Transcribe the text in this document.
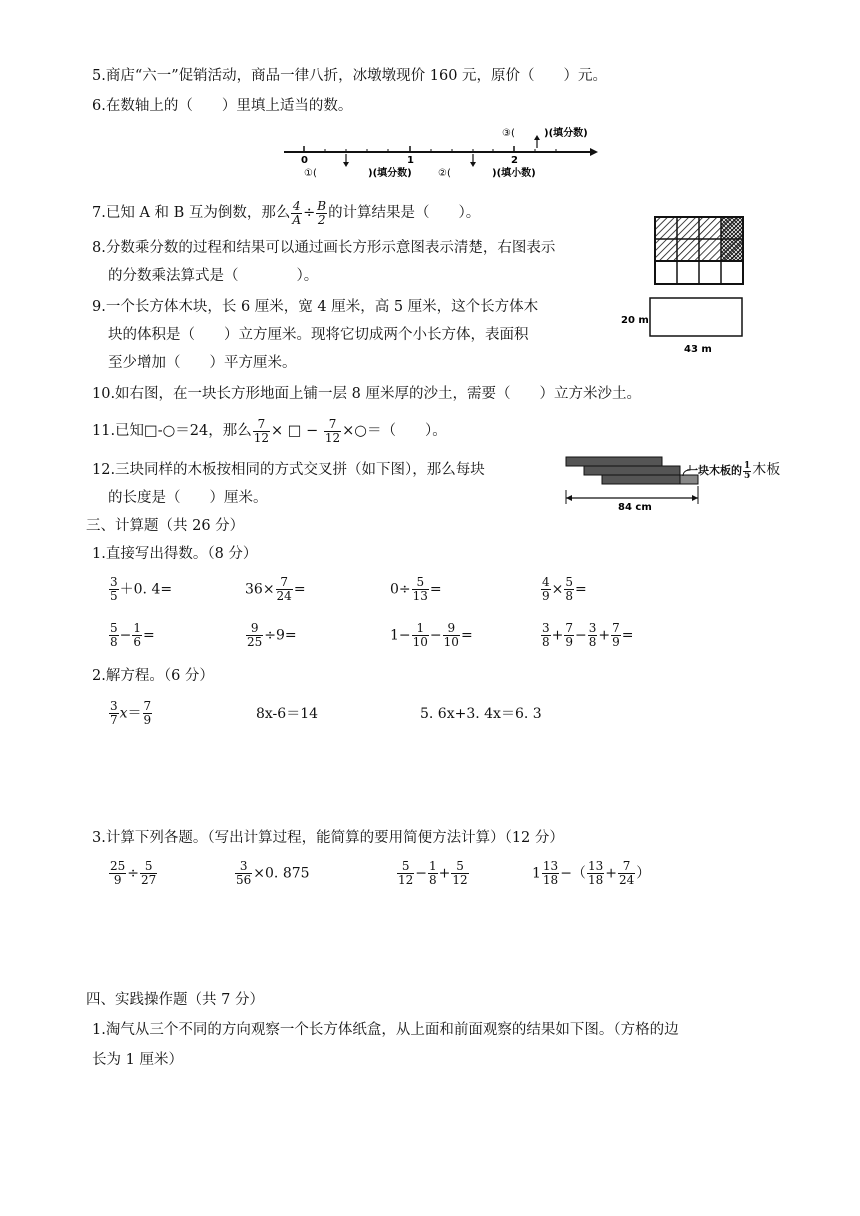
5.商店“六一”促销活动，商品一律八折，冰墩墩现价 160 元，原价（　　）元。
6.在数轴上的（　　）里填上适当的数。
0	1	2
①(	)(填分数)	②(	)(填小数)
③(	)(填分数)
7.已知 A 和 B 互为倒数，那么 $\frac{4}{A} \div \frac{B}{2}$ 的计算结果是（　　）。
8.分数乘分数的过程和结果可以通过画长方形示意图表示清楚，右图表示
的分数乘法算式是（　　　　）。
9.一个长方体木块，长 6 厘米，宽 4 厘米，高 5 厘米，这个长方体木
块的体积是（　　）立方厘米。现将它切成两个小长方体，表面积
至少增加（　　）平方厘米。
20 m
43 m
10.如右图，在一块长方形地面上铺一层 8 厘米厚的沙土，需要（　　）立方米沙土。
11.已知□-○＝24，那么 $\frac{7}{12}$ × □ − $\frac{7}{12}$ ×○＝（　　）。
12.三块同样的木板按相同的方式交叉拼（如下图），那么每块
的长度是（　　）厘米。
84 cm
一块木板的 $\frac{1}{5}$ 木板
三、计算题（共 26 分）
1.直接写出得数。（8 分）
$\frac{3}{5} +0$. 4=	$36\times \frac{7}{24}$ =	$0\div \frac{5}{13}$ =	$\frac{4}{9} \times \frac{5}{8}$ =
$\frac{5}{8} - \frac{1}{6}$ =	$\frac{9}{25} \div 9=$	$1- \frac{1}{10} - \frac{9}{10}$ =	$\frac{3}{8} + \frac{7}{9} - \frac{3}{8} + \frac{7}{9}$ =
2.解方程。（6 分）
$\frac{3}{7} x= \frac{7}{9}$	8x-6＝14	5. 6x+3. 4x＝6. 3
3.计算下列各题。（写出计算过程，能简算的要用简便方法计算）（12 分）
$\frac{25}{9} \div \frac{5}{27}$	$\frac{3}{56} \times 0$. 875	$\frac{5}{12} - \frac{1}{8} + \frac{5}{12}$	$1 \frac{13}{18}$ −（ $\frac{13}{18} + \frac{7}{24}$ ）
四、实践操作题（共 7 分）
1.淘气从三个不同的方向观察一个长方体纸盒，从上面和前面观察的结果如下图。（方格的边
长为 1 厘米）
